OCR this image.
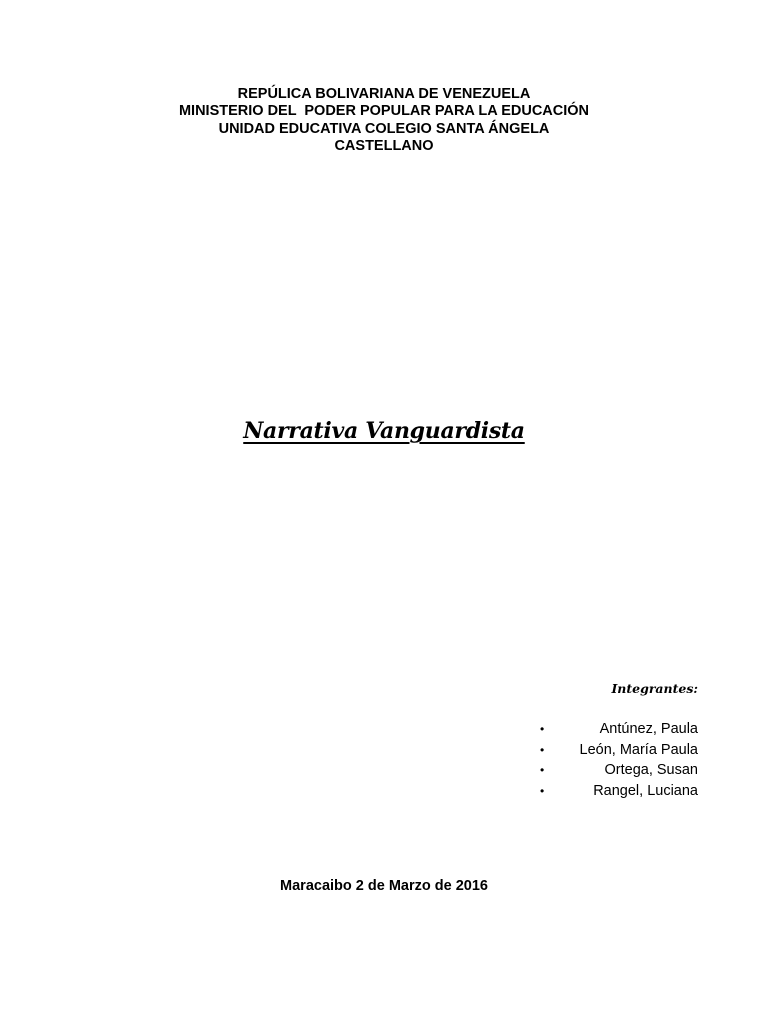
REPÚLICA BOLIVARIANA DE VENEZUELA
MINISTERIO DEL  PODER POPULAR PARA LA EDUCACIÓN
UNIDAD EDUCATIVA COLEGIO SANTA ÁNGELA
CASTELLANO
Narrativa Vanguardista
Integrantes:
•	Antúnez, Paula
• León, María Paula
•	Ortega, Susan
•	Rangel, Luciana
Maracaibo 2 de Marzo de 2016
